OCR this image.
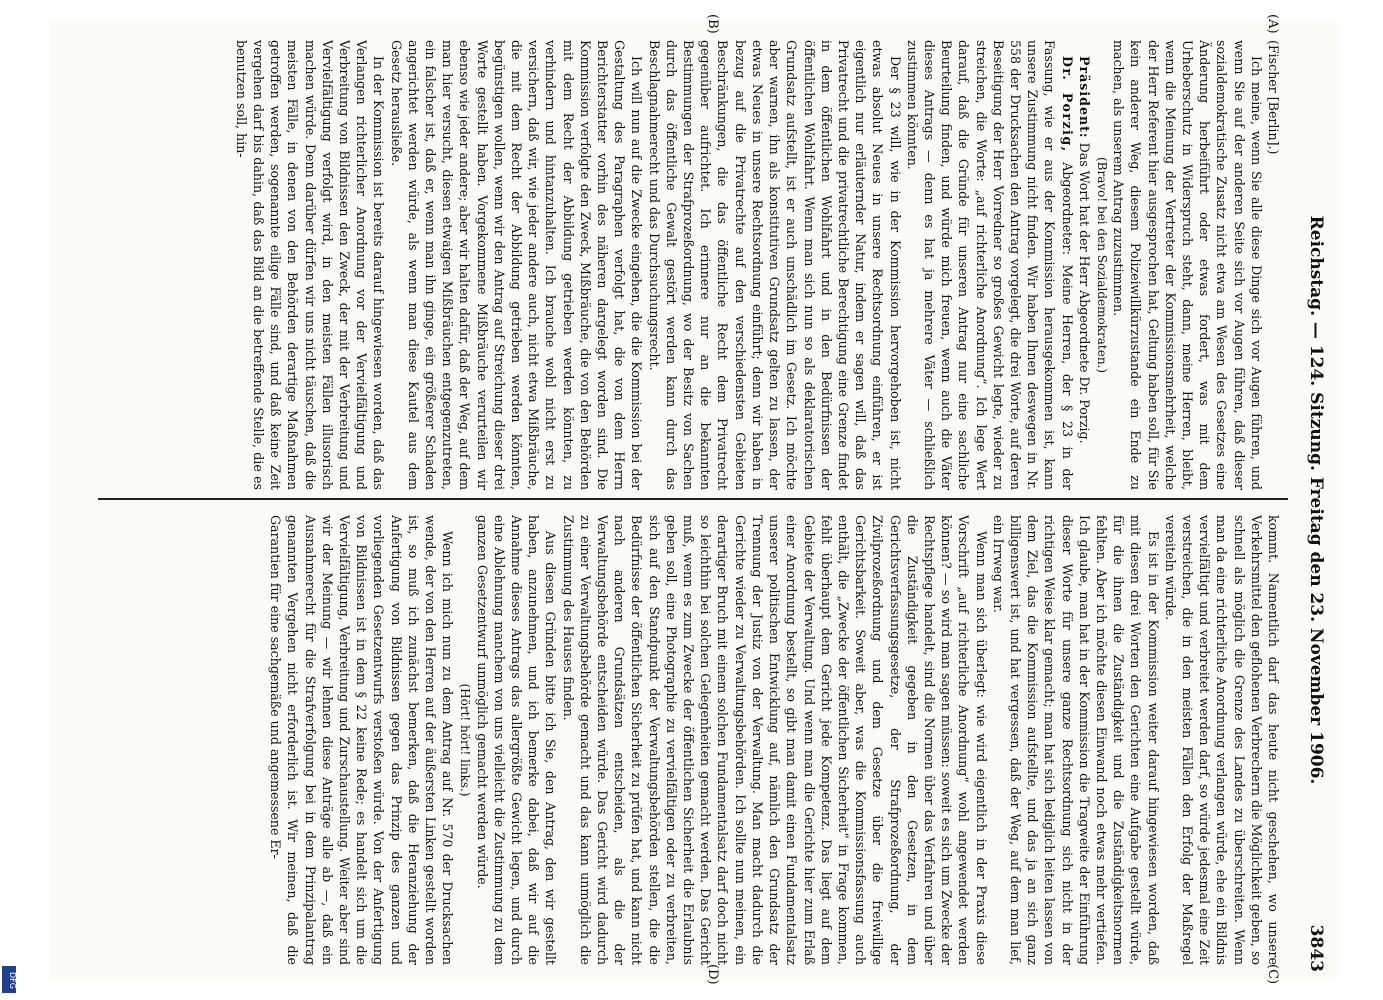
Reichstag. — 124. Sitzung. Freitag den 23. November 1906.
3843
(A)
(B)
(C)
(D)

(Fischer [Berlin].)

Ich meine, wenn Sie alle diese Dinge sich vor Augen führen, und wenn Sie auf der anderen Seite sich vor Augen führen, daß dieser sozialdemokratische Zusatz nicht etwa am Wesen des Gesetzes eine Änderung herbeiführt oder etwas fordert, was mit dem Urheberschutz in Widerspruch steht, dann, meine Herren, bleibt, wenn die Meinung der Vertreter der Kommissionsmehrheit, welche der Herr Referent hier ausgesprochen hat, Geltung haben soll, für Sie kein anderer Weg, diesem Polizeiwillkürzustande ein Ende zu machen, als unserem Antrag zuzustimmen.

(Bravo! bei den Sozialdemokraten.)

Präsident: Das Wort hat der Herr Abgeordnete Dr. Porzig.

Dr. Porzig, Abgeordneter: Meine Herren, der § 23 in der Fassung, wie er aus der Kommission herausgekommen ist, kann unsere Zustimmung nicht finden. Wir haben Ihnen deswegen in Nr. 558 der Drucksachen den Antrag vorgelegt, die drei Worte, auf deren Beseitigung der Herr Vorredner so großes Gewicht legte, wieder zu streichen, die Worte: „auf richterliche Anordnung“. Ich lege Wert darauf, daß die Gründe für unseren Antrag nur eine sachliche Beurteilung finden, und würde mich freuen, wenn auch die Väter dieses Antrags — denn es hat ja mehrere Väter — schließlich zustimmen könnten.

Der § 23 will, wie in der Kommission hervorgehoben ist, nicht etwas absolut Neues in unsere Rechtsordnung einführen, er ist eigentlich nur erläuternder Natur, indem er sagen will, daß das Privatrecht und die privatrechtliche Berechtigung eine Grenze findet in dem öffentlichen Wohlfahrt und in den Bedürfnissen der öffentlichen Wohlfahrt. Wenn man sich nun so als deklaratorischen Grundsatz aufstellt, ist er auch unschädlich im Gesetz. Ich möchte aber warnen, ihn als konstitutiven Grundsatz gelten zu lassen, der etwas Neues in unsere Rechtsordnung einführt; denn wir haben in bezug auf die Privatrechte auf den verschiedensten Gebieten Beschränkungen, die das öffentliche Recht dem Privatrecht gegenüber aufrichtet. Ich erinnere nur an die bekannten Bestimmungen der Strafprozeßordnung, wo der Besitz von Sachen durch das öffentliche Gewalt gestört werden kann durch das Beschlagnahmerecht und das Durchsuchungsrecht.

Ich will nun auf die Zwecke eingehen, die die Kommission bei der Gestaltung des Paragraphen verfolgt hat, die von dem Herrn Berichterstatter vorhin des näheren dargelegt worden sind. Die Kommission verfolgte den Zweck, Mißbräuche, die von den Behörden mit dem Recht der Abbildung getrieben werden könnten, zu verhindern und hintanzuhalten. Ich brauche wohl nicht erst zu versichern, daß wir, wie jeder andere auch, nicht etwa Mißbräuche, die mit dem Recht der Abbildung getrieben werden könnten, begünstigen wollen, wenn wir den Antrag auf Streichung dieser drei Worte gestellt haben. Vorgekommene Mißbräuche verurteilen wir ebenso wie jeder andere; aber wir halten dafür, daß der Weg, auf dem man hier versucht, diesen etwaigen Mißbräuchen entgegenzutreten, ein falscher ist, daß er, wenn man ihn ginge, ein größerer Schaden angerichtet werden würde, als wenn man diese Kautel aus dem Gesetz herausließe.

In der Kommission ist bereits darauf hingewiesen worden, daß das Verlangen richterlicher Anordnung vor der Vervielfältigung und Verbreitung von Bildnissen den Zweck, der mit der Verbreitung und Vervielfältigung verfolgt wird, in den meisten Fällen illusorisch machen würde. Denn darüber dürfen wir uns nicht täuschen, daß die meisten Fälle, in denen von den Behörden derartige Maßnahmen getroffen werden, sogenannte eilige Fälle sind, und daß keine Zeit vergehen darf bis dahin, daß das Bild an die betreffende Stelle, die es benutzen soll, hin-

kommt. Namentlich darf das heute nicht geschehen, wo unsere Verkehrsmittel den geflohenen Verbrechern die Möglichkeit geben, so schnell als möglich die Grenze des Landes zu überschreiten. Wenn man da eine richterliche Anordnung verlangen würde, ehe ein Bildnis vervielfältigt und verbreitet werden darf, so würde jedesmal eine Zeit verstreichen, die in den meisten Fällen den Erfolg der Maßregel vereiteln würde.

Es ist in der Kommission weiter darauf hingewiesen worden, daß mit diesen drei Worten den Gerichten eine Aufgabe gestellt würde, für die ihnen die Zuständigkeit und die Zuständigkeitsnormen fehlten. Aber ich möchte diesen Einwand noch etwas mehr vertiefen. Ich glaube, man hat in der Kommission die Tragweite der Einführung dieser Worte für unsere ganze Rechtsordnung sich nicht in der richtigen Weise klar gemacht; man hat sich lediglich leiten lassen von dem Ziel, das die Kommission aufstellte, und das ja an sich ganz billigenswert ist, und hat vergessen, daß der Weg, auf dem man lief, ein Irrweg war.

Wenn man sich überlegt: wie wird eigentlich in der Praxis diese Vorschrift „auf richterliche Anordnung“ wohl angewendet werden können? — so wird man sagen müssen: soweit es sich um Zwecke der Rechtspflege handelt, sind die Normen über das Verfahren und über die Zuständigkeit gegeben in den Gesetzen, in dem Gerichtsverfassungsgesetze, der Strafprozeßordnung, der Zivilprozeßordnung und dem Gesetze über die freiwillige Gerichtsbarkeit. Soweit aber, was die Kommissionsfassung auch enthält, die „Zwecke der öffentlichen Sicherheit“ in Frage kommen, fehlt überhaupt dem Gericht jede Kompetenz. Das liegt auf dem Gebiete der Verwaltung. Und wenn man die Gerichte hier zum Erlaß einer Anordnung bestellt, so gibt man damit einen Fundamentalsatz unserer politischen Entwicklung auf, nämlich den Grundsatz der Trennung der Justiz von der Verwaltung. Man macht dadurch die Gerichte wieder zu Verwaltungsbehörden. Ich sollte nun meinen, ein derartiger Bruch mit einem solchen Fundamentalsatz darf doch nicht so leichthin bei solchen Gelegenheiten gemacht werden. Das Gericht muß, wenn es zum Zwecke der öffentlichen Sicherheit die Erlaubnis geben soll, eine Photographie zu vervielfältigen oder zu verbreiten, sich auf den Standpunkt der Verwaltungsbehörden stellen, die die Bedürfnisse der öffentlichen Sicherheit zu prüfen hat, und kann nicht nach anderen Grundsätzen entscheiden, als die der Verwaltungsbehörde entscheiden würde. Das Gericht wird dadurch zu einer Verwaltungsbehörde gemacht und das kann unmöglich die Zustimmung des Hauses finden.

Aus diesen Gründen bitte ich Sie, den Antrag, den wir gestellt haben, anzunehmen, und ich bemerke dabei, daß wir auf die Annahme dieses Antrags das allergrößte Gewicht legen, und durch eine Ablehnung manchem von uns vielleicht die Zustimmung zu dem ganzen Gesetzentwurf unmöglich gemacht werden würde.

(Hört! hört! links.)

Wenn ich mich nun zu dem Antrag auf Nr. 570 der Drucksachen wende, der von den Herren auf der äußersten Linken gestellt worden ist, so muß ich zunächst bemerken, daß die Heranziehung der Anfertigung von Bildnissen gegen das Prinzip des ganzen und vorliegenden Gesetzentwurfs verstoßen würde. Von der Anfertigung von Bildnissen ist in dem § 22 keine Rede; es handelt sich um die Vervielfältigung, Verbreitung und Zurschaustellung. Weiter aber sind wir der Meinung — wir lehnen diese Anträge alle ab —, daß ein Ausnahmerecht für die Strafverfolgung bei in dem Prinzipalantrag genannten Vergehen nicht erforderlich ist. Wir meinen, daß die Garantien für eine sachgemäße und angemessene Er-

DFG
